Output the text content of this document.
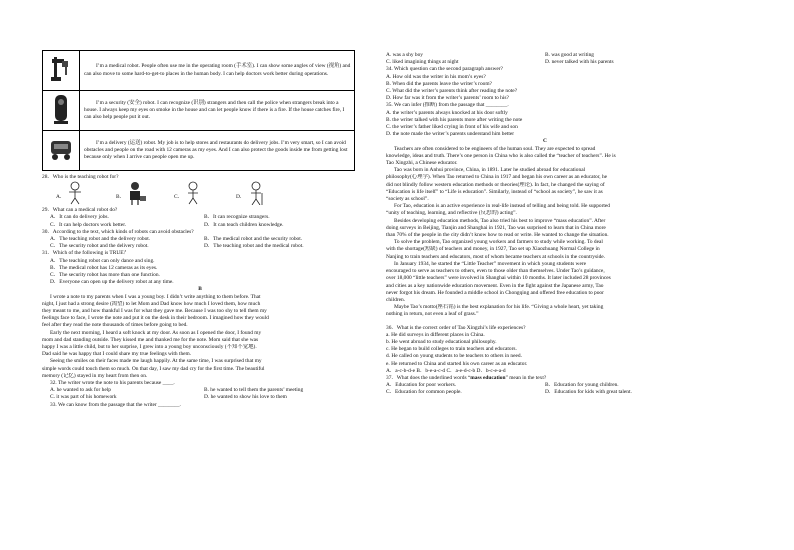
	I’m a medical robot. People often use me in the operating room (手术室). I can show some angles of view (视角) and can also move to some hard-to-get-to places in the human body. I can help doctors work better during operations.
	I’m a security (安全) robot. I can recognize (识别) strangers and then call the police when strangers break into a house. I always keep my eyes on smoke in the house and can let people know if there is a fire. If the house catches fire, I can also help people put it out.
	I’m a delivery (运送) robot. My job is to help stores and restaurants do delivery jobs. I’m very smart, so I can avoid obstacles and people on the road with 12 cameras as my eyes. And I can also protect the goods inside me from getting lost because only when I arrive can people open me up.
28．Who is the teaching robot for?
A．	B．	C．	D．
29．What can a medical robot do?
A．It can do delivery jobs.	B．It can recognize strangers.
C．It can help doctors work better.	D．It can teach children knowledge.
30．According to the text, which kinds of robots can avoid obstacles?
A．The teaching robot and the delivery robot.	B．The medical robot and the security robot.
C．The security robot and the delivery robot.	D．The teaching robot and the medical robot.
31．Which of the following is TRUE？
A．The teaching robot can only dance and sing.
B．The medical robot has 12 cameras as its eyes.
C．The security robot has more than one function.
D．Everyone can open up the delivery robot at any time.
B
I wrote a note to my parents when I was a young boy. I didn’t write anything to them before. That
night, I just had a strong desire (渴望) to let Mom and Dad know how much I loved them, how much
they meant to me, and how thankful I was for what they gave me. Because I was too shy to tell them my
feelings face to face, I wrote the note and put it on the desk in their bedroom. I imagined how they would
feel after they read the note thousands of times before going to bed.
Early the next morning, I heard a soft knock at my door. As soon as I opened the door, I found my
mom and dad standing outside. They kissed me and thanked me for the note. Mom said that she was
happy I was a little child, but to her surprise, I grew into a young boy unconsciously (不知不觉地).
Dad said he was happy that I could share my true feelings with them.
Seeing the smiles on their faces made me laugh happily. At the same time, I was surprised that my
simple words could touch them so much. On that day, I saw my dad cry for the first time. The beautiful
memory (记忆) stayed in my heart from then on.
32. The writer wrote the note to his parents because ____.
A. he wanted to ask for help	B. he wanted to tell them the parents’ meeting
C. it was part of his homework	D. he wanted to show his love to them
33. We can know from the passage that the writer ________.
A. was a shy boy	B. was good at writing
C. liked imagining things at night	D. never talked with his parents
34. Which question can the second paragraph answer?
A. How old was the writer in his mom’s eyes?
B. When did the parents leave the writer’s room?
C. What did the writer’s parents think after reading the note?
D. How far was it from the writer’s parents’ room to his?
35. We can infer (推断) from the passage that ________.
A. the writer’s parents always knocked at his door softly
B. the writer talked with his parents more after writing the note
C. the writer’s father liked crying in front of his wife and son
D. the note made the writer’s parents understand him better
C
Teachers are often considered to be engineers of the human soul. They are expected to spread
knowledge, ideas and truth. There’s one person in China who is also called the “teacher of teachers”. He is
Tao Xingzhi, a Chinese educator.
Tao was born in Anhui province, China, in 1891. Later he studied abroad for educational
philosophy(心理学). When Tao returned to China in 1917 and began his own career as an educator, he
did not blindly follow western education methods or theories(理论). In fact, he changed the saying of
“Education is life itself” to “Life is education”. Similarly, instead of “school as society”, he saw it as
“society as school”.
For Tao, education is an active experience in real-life instead of telling and being told. He supported
“unity of teaching, learning, and reflective (反思的) acting”.
Besides developing education methods, Tao also tried his best to improve “mass education”. After
doing surveys in Beijing, Tianjin and Shanghai in 1921, Tao was surprised to learn that in China more
than 70% of the people in the city didn’t know how to read or write. He wanted to change the situation.
To solve the problem, Tao organized young workers and farmers to study while working. To deal
with the shortage(短缺) of teachers and money, in 1927, Tao set up Xiaozhuang Normal College in
Nanjing to train teachers and educators, most of whom became teachers at schools in the countryside.
In January 1934, he started the “Little Teacher” movement in which young students were
encouraged to serve as teachers to others, even to those older than themselves. Under Tao’s guidance,
over 18,000 “little teachers” were involved in Shanghai within 10 months. It later included 28 provinces
and cities as a key nationwide education movement. Even in the fight against the Japanese army, Tao
never forgot his dream. He founded a middle school in Chongqing and offered free education to poor
children.
Maybe Tao’s motto(座右铭) is the best explanation for his life. “Giving a whole heart, yet taking
nothing in return, not even a leaf of grass.”
36．What is the correct order of Tao Xingzhi’s life experiences?
a. He did surveys in different places in China.
b. He went abroad to study educational philosophy.
c. He began to build colleges to train teachers and educators.
d. He called on young students to be teachers to others in need.
e. He returned to China and started his own career as an educator.
A．a-c-b-d-e B．b-e-a-c-d C．a-e-d-c-b D．b-c-e-a-d
37．What does the underlined words “mass education” mean in the text?
A．Education for poor workers.	B．Education for young children.
C．Education for common people.	D．Education for kids with great talent.
